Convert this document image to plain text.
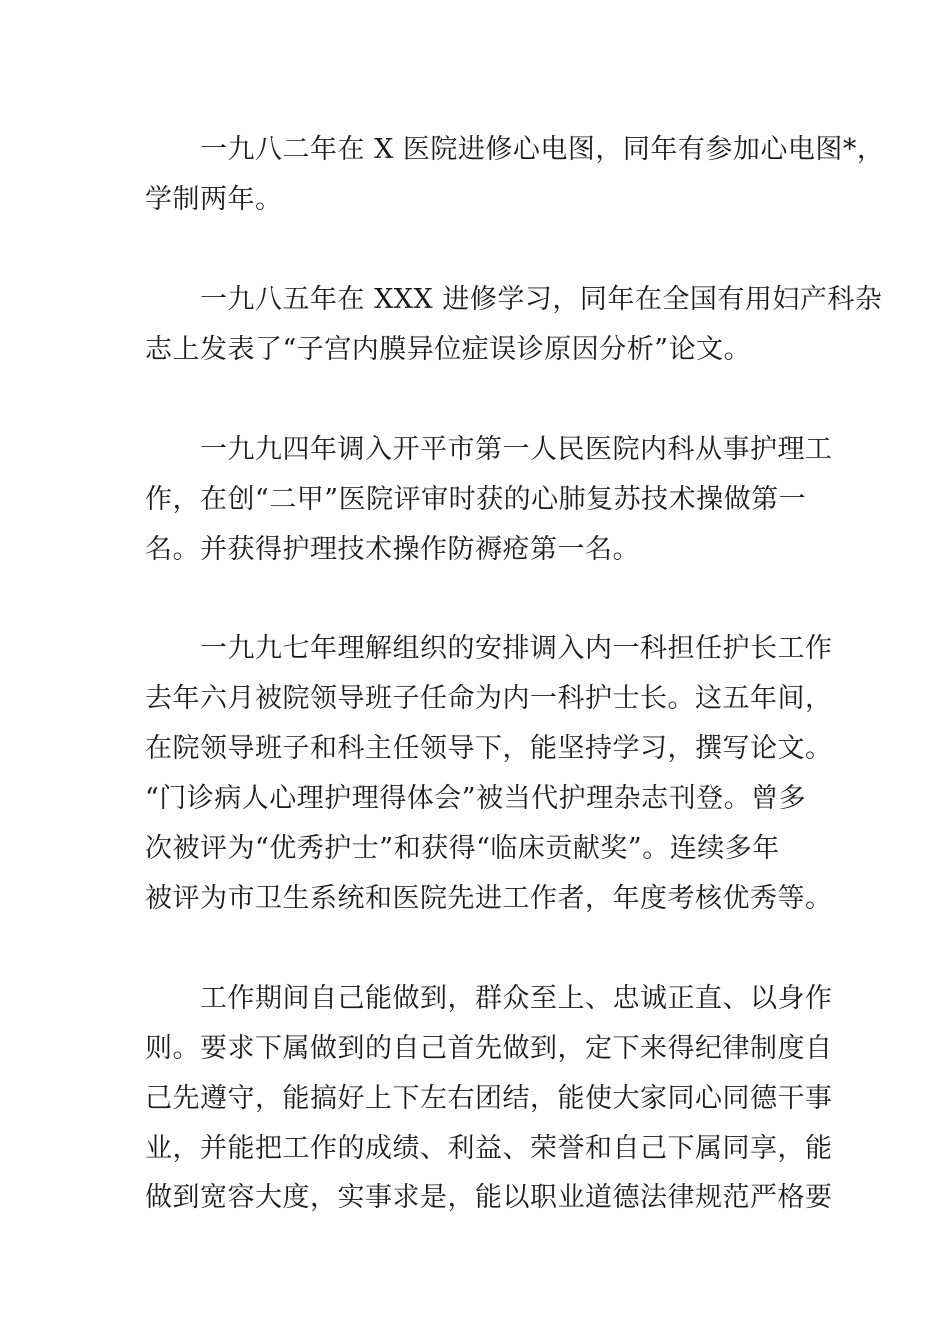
一九八二年在 X 医院进修心电图，同年有参加心电图*，
学制两年。
一九八五年在 XXX 进修学习，同年在全国有用妇产科杂
志上发表了“子宫内膜异位症误诊原因分析”论文。
一九九四年调入开平市第一人民医院内科从事护理工
作，在创“二甲”医院评审时获的心肺复苏技术操做第一
名。并获得护理技术操作防褥疮第一名。
一九九七年理解组织的安排调入内一科担任护长工作
去年六月被院领导班子任命为内一科护士长。这五年间，
在院领导班子和科主任领导下，能坚持学习，撰写论文。
“门诊病人心理护理得体会”被当代护理杂志刊登。曾多
次被评为“优秀护士”和获得“临床贡献奖”。连续多年
被评为市卫生系统和医院先进工作者，年度考核优秀等。
工作期间自己能做到，群众至上、忠诚正直、以身作
则。要求下属做到的自己首先做到，定下来得纪律制度自
己先遵守，能搞好上下左右团结，能使大家同心同德干事
业，并能把工作的成绩、利益、荣誉和自己下属同享，能
做到宽容大度，实事求是，能以职业道德法律规范严格要
